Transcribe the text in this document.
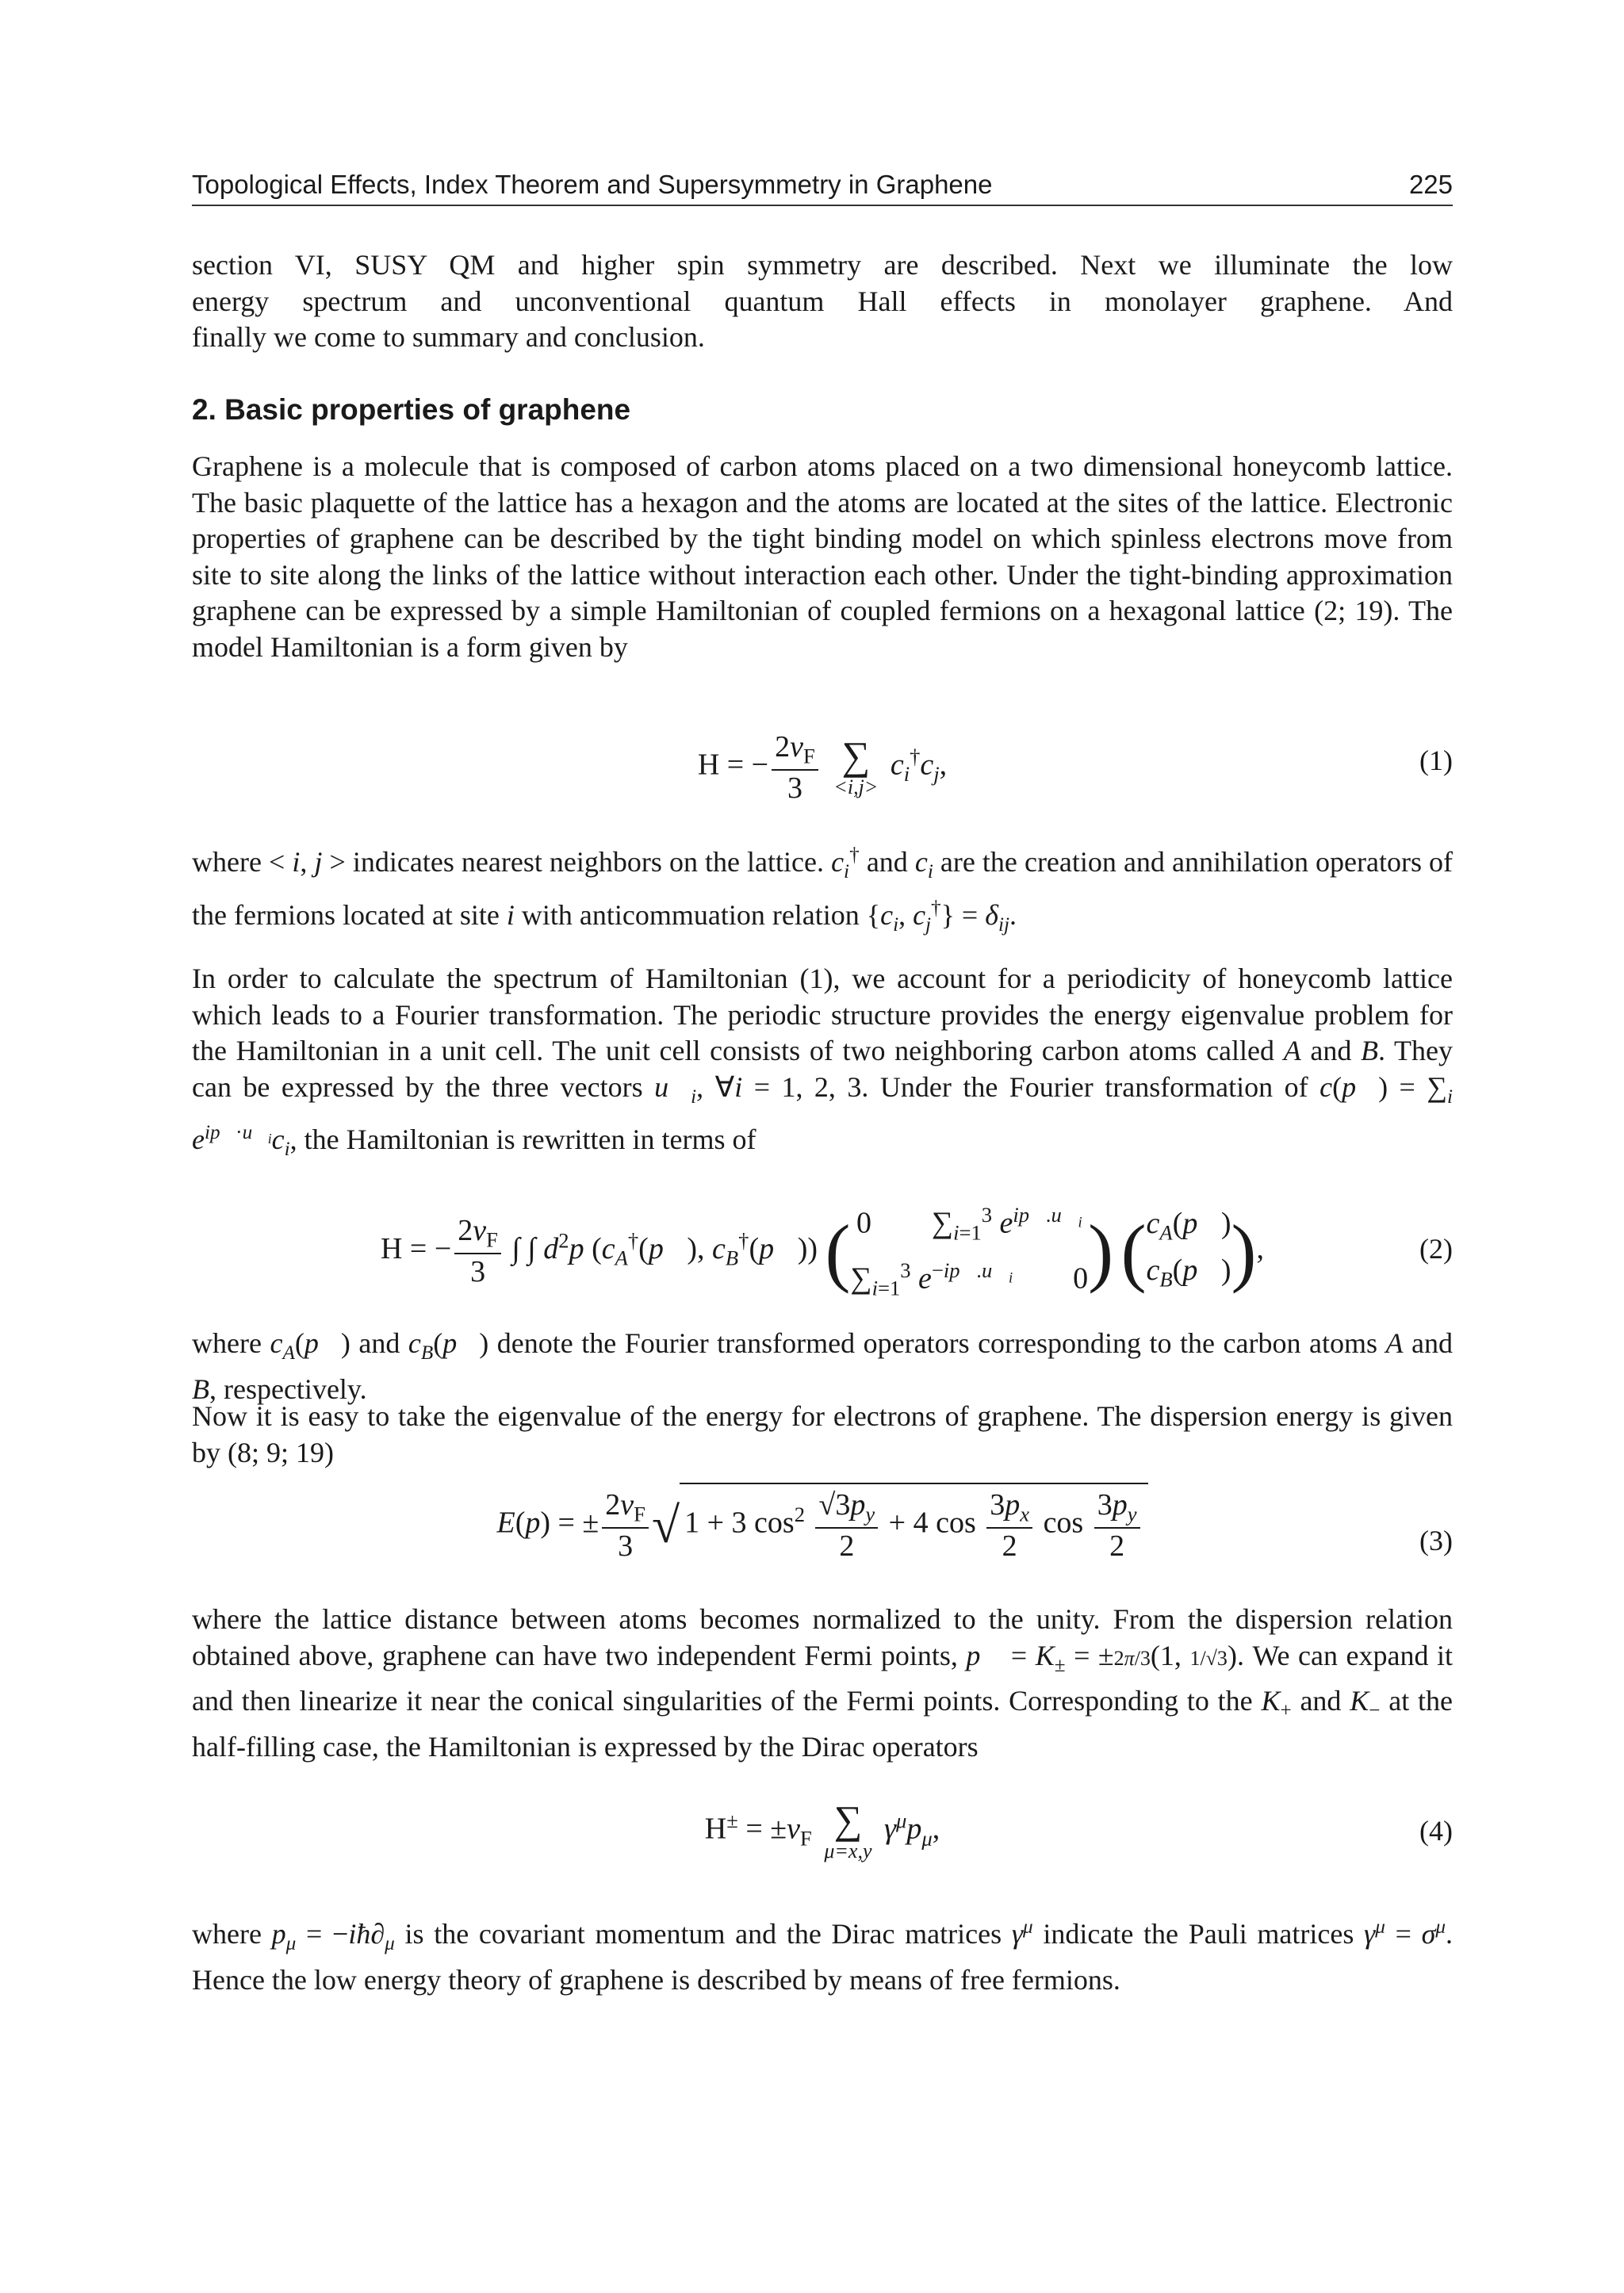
Topological Effects, Index Theorem and Supersymmetry in Graphene	225
section VI, SUSY QM and higher spin symmetry are described. Next we illuminate the low
energy spectrum and unconventional quantum Hall effects in monolayer graphene. And
finally we come to summary and conclusion.
2. Basic properties of graphene
Graphene is a molecule that is composed of carbon atoms placed on a two dimensional honeycomb lattice. The basic plaquette of the lattice has a hexagon and the atoms are located at the sites of the lattice. Electronic properties of graphene can be described by the tight binding model on which spinless electrons move from site to site along the links of the lattice without interaction each other. Under the tight-binding approximation graphene can be expressed by a simple Hamiltonian of coupled fermions on a hexagonal lattice (2; 19). The model Hamiltonian is a form given by
H = − $\frac{2v_F}{3}$
∑
<i,j>
$c_i^\dagger c_j$,	(1)
where < i, j > indicates nearest neighbors on the lattice. $c_i^\dagger$ and $c_i$ are the creation and annihilation operators of the fermions located at site i with anticommuation relation {$c_i$, $c_j^\dagger\} = \delta_{ij}$.
In order to calculate the spectrum of Hamiltonian (1), we account for a periodicity of honeycomb lattice which leads to a Fourier transformation. The periodic structure provides the energy eigenvalue problem for the Hamiltonian in a unit cell. The unit cell consists of two neighboring carbon atoms called A and B. They can be expressed by the three vectors $u⃗_i$, ∀i = 1, 2, 3. Under the Fourier transformation of c(p⃗) = $\sum_i$ $e^{ip⃗\cdot u⃗_i}c_i$, the Hamiltonian is rewritten in terms of
H = − $\frac{2v_F}{3}$ ∫ ∫ $d^2p$ ($c_A^\dagger(p⃗)$, $c_B^\dagger(p⃗)$) ( 0        $\sum_{i=1}^3$ $e^{ip⃗.u⃗_i}$
$\sum_{i=1}^3$ $e^{-ip⃗.u⃗_i}$        0 ) ( $c_A(p⃗)$
$c_B(p⃗)$ ),	(2)
where $c_A(p⃗)$ and $c_B(p⃗)$ denote the Fourier transformed operators corresponding to the carbon atoms A and B, respectively.
Now it is easy to take the eigenvalue of the energy for electrons of graphene. The dispersion energy is given by (8; 9; 19)
E(p) = ± $\frac{2v_F}{3}$ √ 1 + 3 $\cos^2 \frac{√3p_y}{2} + 4$ $\cos \frac{3p_x}{2}$ $\cos \frac{3p_y}{2}$	(3)
where the lattice distance between atoms becomes normalized to the unity. From the dispersion relation obtained above, graphene can have two independent Fermi points, p⃗ = $K_\pm = \pm 2\pi/3(1$, 1/√3). We can expand it and then linearize it near the conical singularities of the Fermi points. Corresponding to the $K_+$ and $K_-$ at the half-filling case, the Hamiltonian is expressed by the Dirac operators
$H^\pm = \pm v_F$ ∑
μ=x,y
$\gamma^\mu p_\mu$,	(4)
where $p_\mu$ = $-iħ\partial_\mu$ is the covariant momentum and the Dirac matrices $\gamma^\mu$ indicate the Pauli matrices $\gamma^\mu = \sigma^\mu$. Hence the low energy theory of graphene is described by means of free fermions.
